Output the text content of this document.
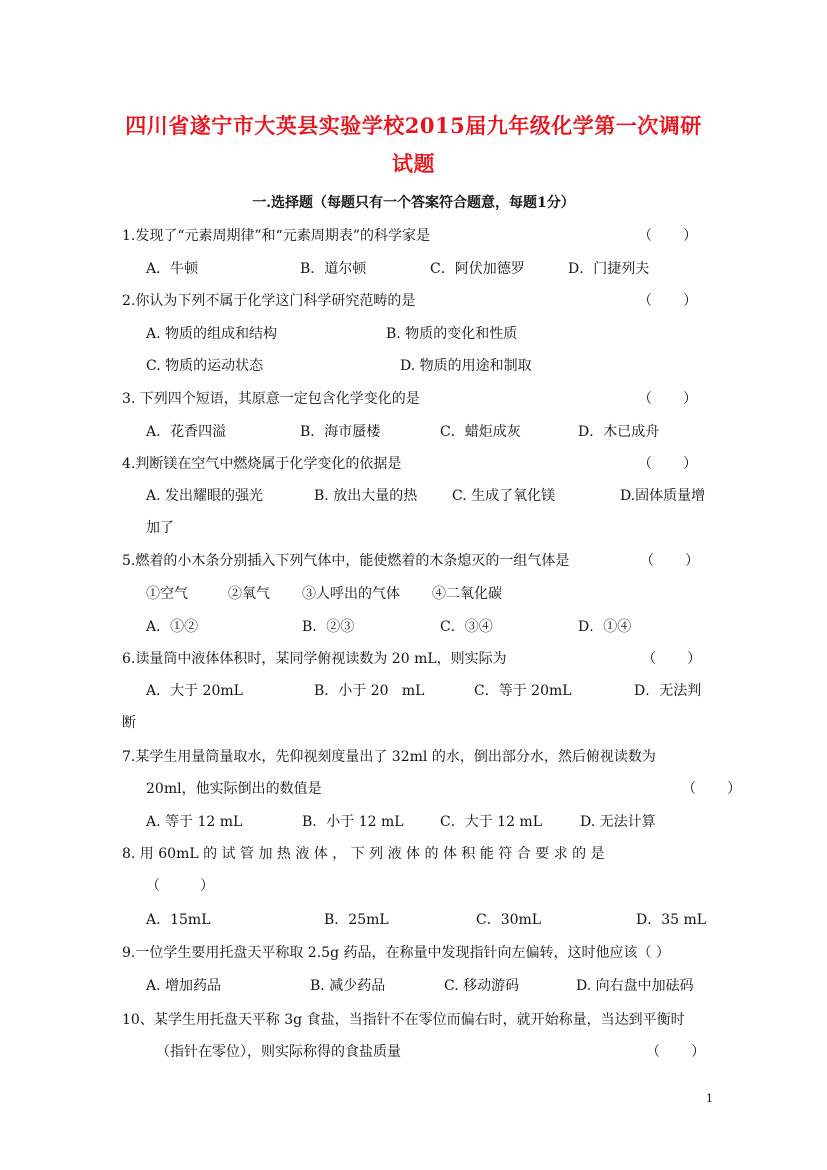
四川省遂宁市大英县实验学校2015届九年级化学第一次调研
试题
一.选择题（每题只有一个答案符合题意，每题1分）
1.发现了“元素周期律”和“元素周期表”的科学家是	（       ）
A．牛顿	B．道尔顿	C．阿伏加德罗	D．门捷列夫
2.你认为下列不属于化学这门科学研究范畴的是	（       ）
A. 物质的组成和结构	B. 物质的变化和性质
C. 物质的运动状态	D. 物质的用途和制取
3. 下列四个短语，其原意一定包含化学变化的是	（       ）
A．花香四溢	B．海市蜃楼	C．蜡炬成灰	D．木已成舟
4.判断镁在空气中燃烧属于化学变化的依据是	（       ）
A. 发出耀眼的强光	B. 放出大量的热 C. 生成了氧化镁	D.固体质量增
加了
5.燃着的小木条分别插入下列气体中，能使燃着的木条熄灭的一组气体是	（       ）
①空气	②氧气 ③人呼出的气体 ④二氧化碳
A．①②	B．②③	C．③④	D．①④
6.读量筒中液体体积时，某同学俯视读数为 20 mL，则实际为	（       ）
A．大于 20mL	B．小于 20   mL	C．等于 20mL	D．无法判
断
7.某学生用量筒量取水，先仰视刻度量出了 32ml 的水，倒出部分水，然后俯视读数为
20ml，他实际倒出的数值是	（       ）
A. 等于 12 mL	B．小于 12 mL	C．大于 12 mL	D. 无法计算
8. 用 60mL 的 试 管 加 热 液 体 ， 下 列 液 体 的 体 积 能 符 合 要 求 的 是
（         ）
A．15mL	B．25mL	C．30mL	D．35 mL
9.一位学生要用托盘天平称取 2.5g 药品，在称量中发现指针向左偏转，这时他应该（ ）
A. 增加药品	B. 减少药品	C. 移动游码	D. 向右盘中加砝码
10、某学生用托盘天平称 3g 食盐，当指针不在零位而偏右时，就开始称量，当达到平衡时
（指针在零位），则实际称得的食盐质量	（       ）
1
